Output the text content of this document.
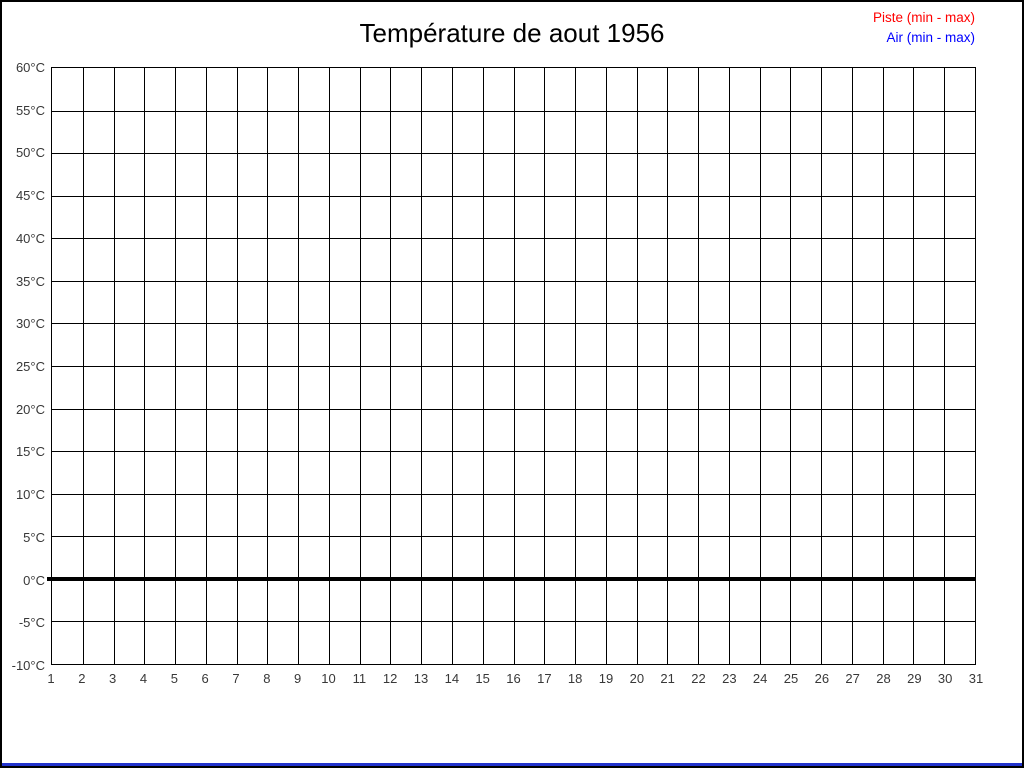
Température de aout 1956
Piste (min - max)
Air (min - max)
1 2 3 4 5 6 7 8 9 10 11 12 13 14 15 16 17 18 19 20 21 22 23 24 25 26 27 28 29 30 31
60°C
55°C
50°C
45°C
40°C
35°C
30°C
25°C
20°C
15°C
10°C
5°C
0°C
-5°C
-10°C
